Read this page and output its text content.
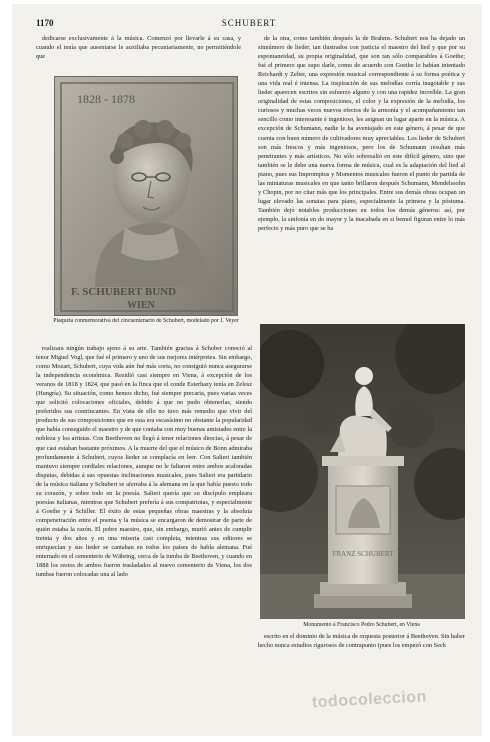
1170	SCHUBERT

dedicarse exclusivamente á la música. Comenzó por llevarle á su casa, y cuando el tenía que ausentarse le auxiliaba pecuniariamente, no permitiéndole que

de la otra, como también después la de Brahms. Schubert nos ha dejado un sinnúmero de lieder, tan ilustrados con justicia el maestro del lied y que por su espontaneidad, su propia originalidad, que son tan sólo comparables á Goethe; fué el primero que supo darle, como de acuerdo con Goethe lo habían intentado Reichardt y Zelter, una expresión musical correspondiente á su forma poética y una vida real é intensa. La inspiración de sus melodías corría inagotable y sus lieder aparecen escritos sin esfuerzo alguno y con una rapidez increíble. La gran originalidad de estas composiciones, el color y la expresión de la melodía, los curiosos y muchas veces nuevos efectos de la armonía y el acompañamiento tan sencillo como interesante é ingenioso, les asignan un lugar aparte en la música. A excepción de Schumann, nadie le ha aventajado en este género, á pesar de que cuenta con buen número de cultivadores muy apreciables. Los lieder de Schubert son más frescos y más ingeniosos, pero los de Schumann resultan más penetrantes y más artísticos. No sólo sobresalió en este difícil género, sino que también se le debe una nueva forma de música, cual es la adaptación del lied al piano, pues sus Impromptus y Momentos musicales fueron el punto de partida de las miniaturas musicales en que tanto brillaron después Schumann, Mendelssohn y Chopin, por no citar más que los principales. Entre sus demás obras ocupan un lugar elevado las sonatas para piano, especialmente la primera y la póstuma. También dejó notables producciones en todos los demás géneros: así, por ejemplo, la sinfonía en do mayor y la inacabada en si bemol figuran entre lo más perfecto y más puro que se ha

1828 - 1878
F. SCHUBERT BUND
WIEN
Plaqueta conmemorativa del cincuentenario de Schubert, modelado por J. Veyer

realizara ningún trabajo ajeno á su arte. También gracias á Schober conoció al tenor Miguel Vogl, que fué el primero y uno de sus mejores intérpretes. Sin embargo, como Mozart, Schubert, cuya vida aún fué más corta, no consiguió nunca asegurarse la independencia económica. Residió casi siempre en Viena, á excepción de los veranos de 1818 y 1824, que pasó en la finca que el conde Esterhazy tenía en Zelesz (Hungría). Su situación, como hemos dicho, fué siempre precaria, pues varias veces que solicitó colocaciones oficiales, debido á que no pudo obtenerlas, siendo preferidos sus contrincantes. En vista de ello no tuvo más remedio que vivir del producto de sus composiciones que en esta era escasísimo no obstante la popularidad que había conseguido el maestro y de que contaba con muy buenas amistades entre la nobleza y los artistas. Con Beethoven no llegó á tener relaciones directas, á pesar de que casi estaban bastante próximos. A la muerte del que el músico de Bonn admiraba profundamente á Schubert, cuyos lieder se complacía en leer. Con Salieri también mantuvo siempre cordiales relaciones, aunque no le faltaron entre ambos acaloradas disputas, debidas á sus opuestas inclinaciones musicales, pues Salieri era partidario de la música italiana y Schubert se aferraba á la alemana en la que había puesto todo su corazón, y sobre todo en la poesía. Salieri quería que su discípulo empleara poesías italianas, mientras que Schubert prefería á sus compatriotas, y especialmente á Goethe y á Schiller. El éxito de estas pequeñas obras maestras y la absoluta compenetración entre el poema y la música se encargaron de demostrar de parte de quién estaba la razón. El pobre maestro, que, sin embargo, murió antes de cumplir treinta y dos años y en una miseria casi completa, mientras sus editores se enriquecían y sus lieder se cantaban en todos los países de habla alemana. Fué enterrado en el cementerio de Währing, cerca de la tumba de Beethoven, y cuando en 1888 los restos de ambos fueron trasladados al nuevo cementerio de Viena, los dos tumbas fueron colocadas una al lado

FRANZ SCHUBERT
Monumento á Francisco Pedro Schubert, en Viena

escrito en el dominio de la música de orquesta posterior á Beethoven. Sin haber hecho nunca estudios rigurosos de contrapunto (pues los empezó con Sech

todocoleccion
